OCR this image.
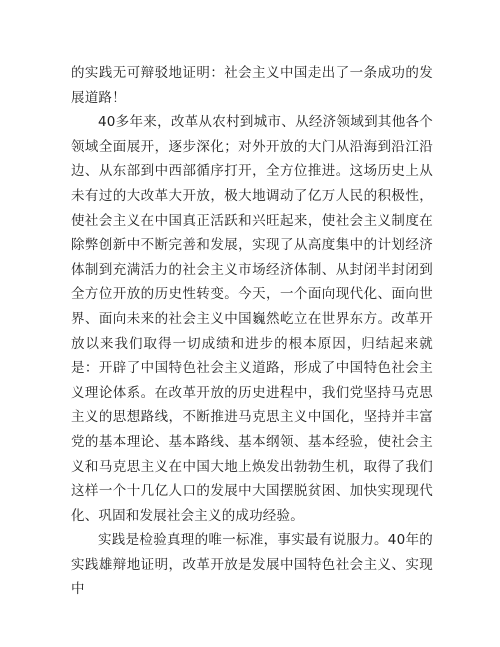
的实践无可辩驳地证明：社会主义中国走出了一条成功的发展道路！

40多年来，改革从农村到城市、从经济领域到其他各个领域全面展开，逐步深化；对外开放的大门从沿海到沿江沿边、从东部到中西部循序打开，全方位推进。这场历史上从未有过的大改革大开放，极大地调动了亿万人民的积极性，使社会主义在中国真正活跃和兴旺起来，使社会主义制度在除弊创新中不断完善和发展，实现了从高度集中的计划经济体制到充满活力的社会主义市场经济体制、从封闭半封闭到全方位开放的历史性转变。今天，一个面向现代化、面向世界、面向未来的社会主义中国巍然屹立在世界东方。改革开放以来我们取得一切成绩和进步的根本原因，归结起来就是：开辟了中国特色社会主义道路，形成了中国特色社会主义理论体系。在改革开放的历史进程中，我们党坚持马克思主义的思想路线，不断推进马克思主义中国化，坚持并丰富党的基本理论、基本路线、基本纲领、基本经验，使社会主义和马克思主义在中国大地上焕发出勃勃生机，取得了我们这样一个十几亿人口的发展中大国摆脱贫困、加快实现现代化、巩固和发展社会主义的成功经验。

实践是检验真理的唯一标准，事实最有说服力。40年的实践雄辩地证明，改革开放是发展中国特色社会主义、实现中
